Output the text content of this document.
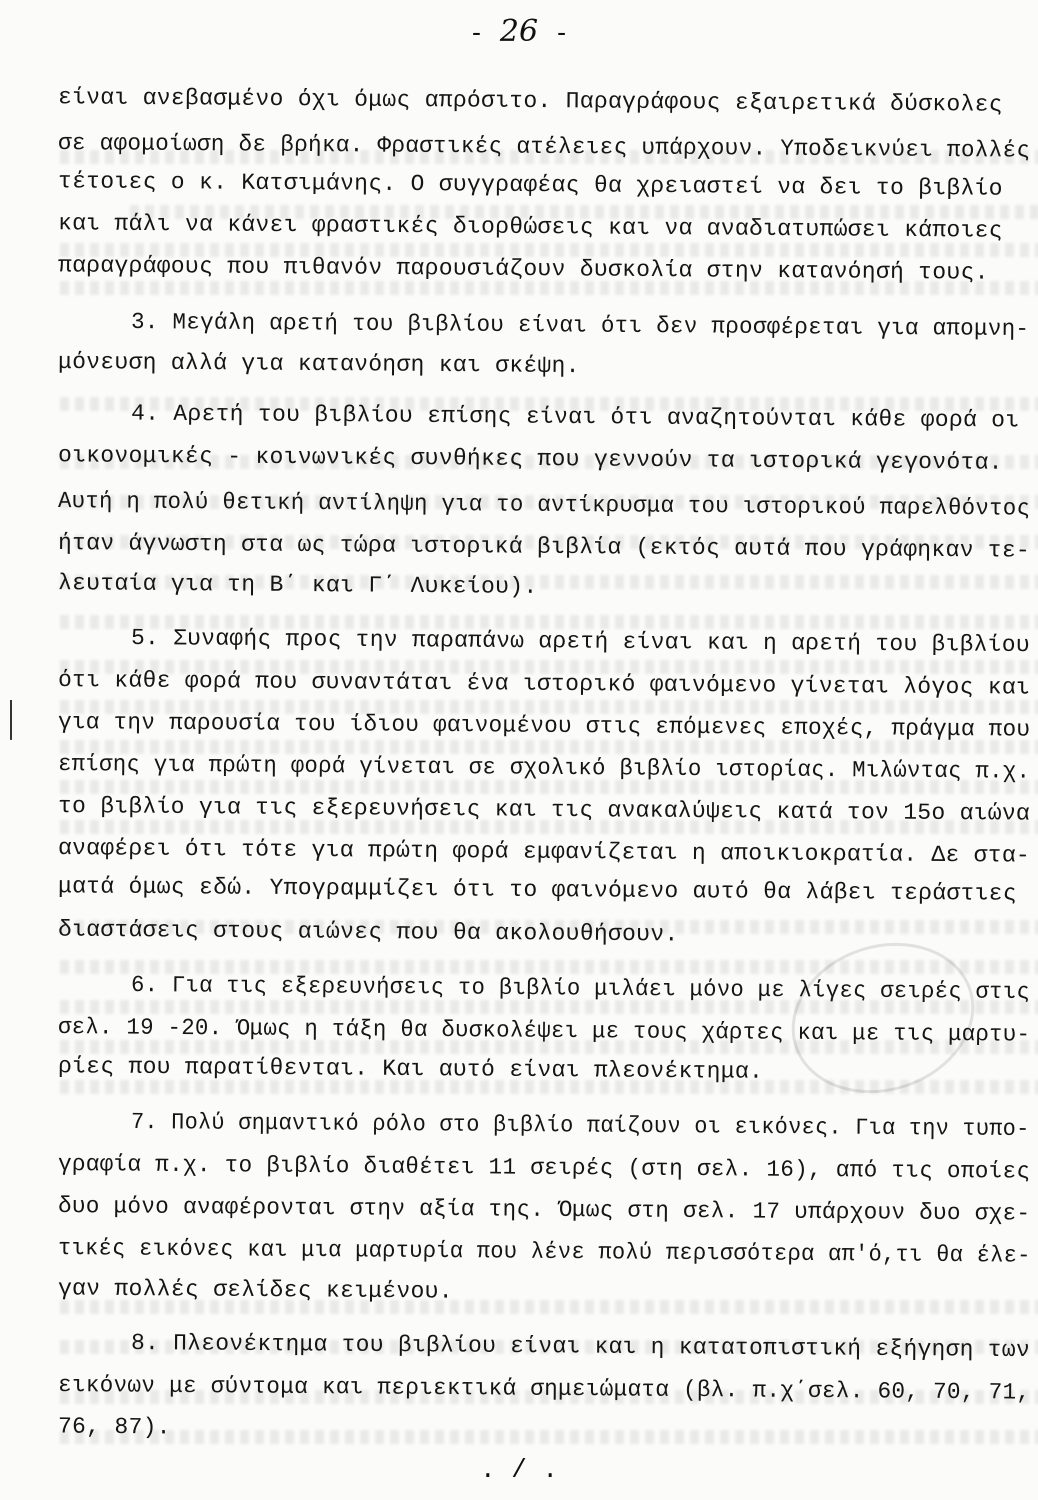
- 26 -
είναι ανεβασμένο όχι όμως απρόσιτο. Παραγράφους εξαιρετικά δύσκολες
σε αφομοίωση δε βρήκα. Φραστικές ατέλειες υπάρχουν. Υποδεικνύει πολλές
τέτοιες ο κ. Κατσιμάνης. Ο συγγραφέας θα χρειαστεί να δει το βιβλίο
και πάλι να κάνει φραστικές διορθώσεις και να αναδιατυπώσει κάποιες
παραγράφους που πιθανόν παρουσιάζουν δυσκολία στην κατανόησή τους.
3. Μεγάλη αρετή του βιβλίου είναι ότι δεν προσφέρεται για απομνη-
μόνευση αλλά για κατανόηση και σκέψη.
4. Αρετή του βιβλίου επίσης είναι ότι αναζητούνται κάθε φορά οι
οικονομικές - κοινωνικές συνθήκες που γεννούν τα ιστορικά γεγονότα.
Αυτή η πολύ θετική αντίληψη για το αντίκρυσμα του ιστορικού παρελθόντος
ήταν άγνωστη στα ως τώρα ιστορικά βιβλία (εκτός αυτά που γράφηκαν τε-
λευταία για τη Β΄ και Γ΄ Λυκείου).
5. Συναφής προς την παραπάνω αρετή είναι και η αρετή του βιβλίου
ότι κάθε φορά που συναντάται ένα ιστορικό φαινόμενο γίνεται λόγος και
για την παρουσία του ίδιου φαινομένου στις επόμενες εποχές, πράγμα που
επίσης για πρώτη φορά γίνεται σε σχολικό βιβλίο ιστορίας. Μιλώντας π.χ.
το βιβλίο για τις εξερευνήσεις και τις ανακαλύψεις κατά τον 15ο αιώνα
αναφέρει ότι τότε για πρώτη φορά εμφανίζεται η αποικιοκρατία. Δε στα-
ματά όμως εδώ. Υπογραμμίζει ότι το φαινόμενο αυτό θα λάβει τεράστιες
διαστάσεις στους αιώνες που θα ακολουθήσουν.
6. Για τις εξερευνήσεις το βιβλίο μιλάει μόνο με λίγες σειρές στις
σελ. 19 -20. Όμως η τάξη θα δυσκολέψει με τους χάρτες και με τις μαρτυ-
ρίες που παρατίθενται. Και αυτό είναι πλεονέκτημα.
7. Πολύ σημαντικό ρόλο στο βιβλίο παίζουν οι εικόνες. Για την τυπο-
γραφία π.χ. το βιβλίο διαθέτει 11 σειρές (στη σελ. 16), από τις οποίες
δυο μόνο αναφέρονται στην αξία της. Όμως στη σελ. 17 υπάρχουν δυο σχε-
τικές εικόνες και μια μαρτυρία που λένε πολύ περισσότερα απ'ό,τι θα έλε-
γαν πολλές σελίδες κειμένου.
8. Πλεονέκτημα του βιβλίου είναι και η κατατοπιστική εξήγηση των
εικόνων με σύντομα και περιεκτικά σημειώματα (βλ. π.χ΄σελ. 60, 70, 71,
76, 87).
. / .
